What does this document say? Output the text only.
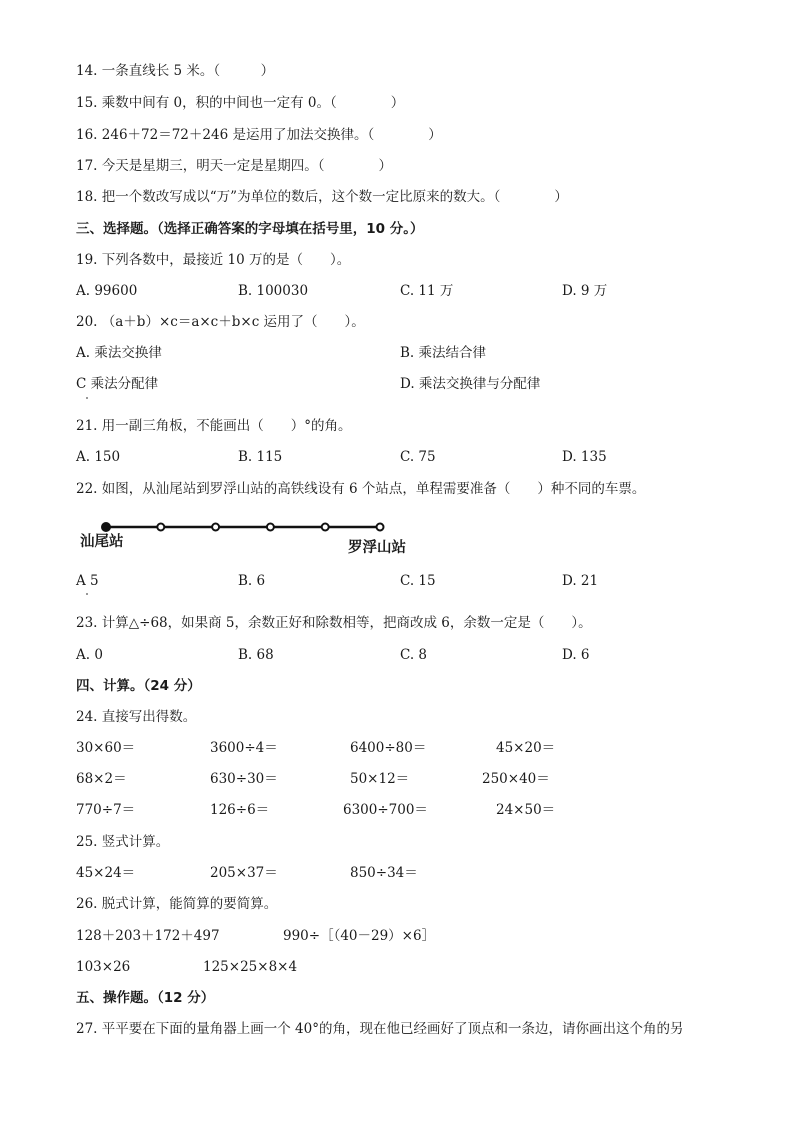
14. 一条直线长 5 米。（　　　）
15. 乘数中间有 0，积的中间也一定有 0。（　　　　）
16. 246＋72＝72＋246 是运用了加法交换律。（　　　　）
17. 今天是星期三，明天一定是星期四。（　　　　）
18. 把一个数改写成以“万”为单位的数后，这个数一定比原来的数大。（　　　　）
三、选择题。（选择正确答案的字母填在括号里，10 分。）
19. 下列各数中，最接近 10 万的是（　　）。
A. 99600	B. 100030	C. 11 万	D. 9 万
20. （a＋b）×c＝a×c＋b×c 运用了（　　）。
A. 乘法交换律	B. 乘法结合律
C 乘法分配律	D. 乘法交换律与分配律
21. 用一副三角板，不能画出（　　）°的角。
A. 150	B. 115	C. 75	D. 135
22. 如图，从汕尾站到罗浮山站的高铁线设有 6 个站点，单程需要准备（　　）种不同的车票。
汕尾站	罗浮山站
A 5	B. 6	C. 15	D. 21
23. 计算△÷68，如果商 5，余数正好和除数相等，把商改成 6，余数一定是（　　）。
A. 0	B. 68	C. 8	D. 6
四、计算。（24 分）
24. 直接写出得数。
30×60＝	3600÷4＝	6400÷80＝	45×20＝
68×2＝	630÷30＝	50×12＝	250×40＝
770÷7＝	126÷6＝	6300÷700＝	24×50＝
25. 竖式计算。
45×24＝	205×37＝	850÷34＝
26. 脱式计算，能简算的要简算。
128＋203＋172＋497	990÷［（40－29）×6］
103×26	125×25×8×4
五、操作题。（12 分）
27. 平平要在下面的量角器上画一个 40°的角，现在他已经画好了顶点和一条边，请你画出这个角的另
